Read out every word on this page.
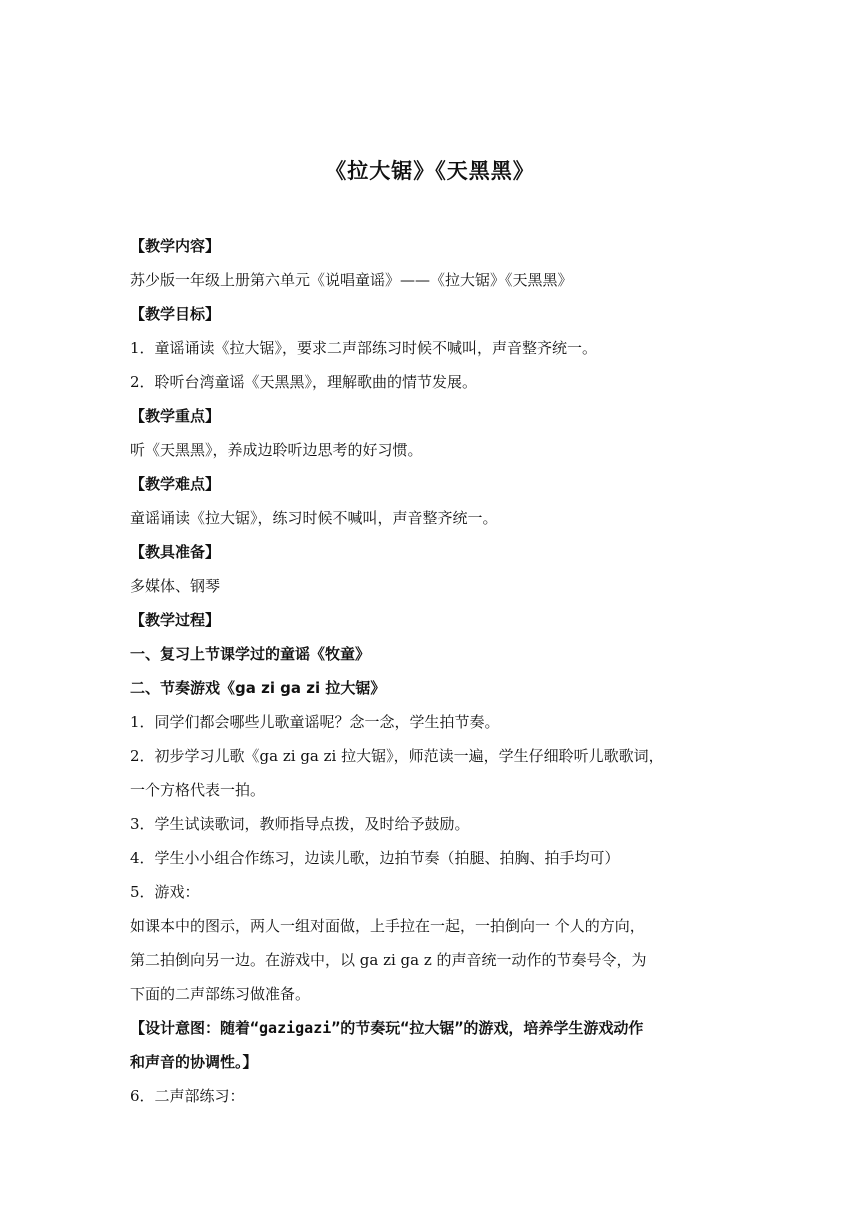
《拉大锯》《天黑黑》
【教学内容】
苏少版一年级上册第六单元《说唱童谣》——《拉大锯》《天黑黑》
【教学目标】
1．童谣诵读《拉大锯》，要求二声部练习时候不喊叫，声音整齐统一。
2．聆听台湾童谣《天黑黑》，理解歌曲的情节发展。
【教学重点】
听《天黑黑》，养成边聆听边思考的好习惯。
【教学难点】
童谣诵读《拉大锯》，练习时候不喊叫，声音整齐统一。
【教具准备】
多媒体、钢琴
【教学过程】
一、复习上节课学过的童谣《牧童》
二、节奏游戏《ga zi ga zi 拉大锯》
1．同学们都会哪些儿歌童谣呢？念一念，学生拍节奏。
2．初步学习儿歌《ga zi ga zi 拉大锯》，师范读一遍，学生仔细聆听儿歌歌词，
一个方格代表一拍。
3．学生试读歌词，教师指导点拨，及时给予鼓励。
4．学生小小组合作练习，边读儿歌，边拍节奏（拍腿、拍胸、拍手均可）
5．游戏：
如课本中的图示，两人一组对面做，上手拉在一起，一拍倒向一 个人的方向，
第二拍倒向另一边。在游戏中，以 ga zi ga z 的声音统一动作的节奏号令，为
下面的二声部练习做准备。
【设计意图：随着“gazigazi”的节奏玩“拉大锯”的游戏，培养学生游戏动作
和声音的协调性。】
6．二声部练习：
